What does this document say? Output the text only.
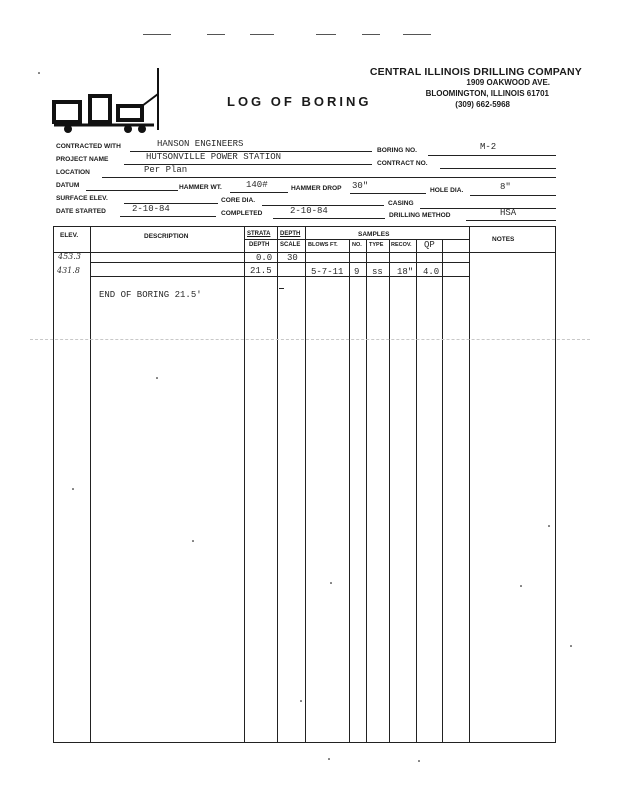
CENTRAL ILLINOIS DRILLING COMPANY
1909 OAKWOOD AVE.
BLOOMINGTON, ILLINOIS 61701
(309) 662-5968
LOG OF BORING
CONTRACTED WITH	HANSON ENGINEERS
BORING NO.	M-2
PROJECT NAME	HUTSONVILLE POWER STATION
CONTRACT NO.
LOCATION	Per Plan
DATUM	HAMMER WT.	140#	HAMMER DROP 30"	HOLE DIA.	8"
SURFACE ELEV.	CORE DIA.	CASING
DATE STARTED	2-10-84	COMPLETED	2-10-84	DRILLING METHOD	HSA
ELEV.	DESCRIPTION	STRATA
DEPTH
DEPTH
SCALE
SAMPLES
BLOWS FT.	NO. TYPE RECOV. QP
NOTES
453.3	0.0 30
431.8	21.5	5-7-11 9 ss 18" 4.0
END OF BORING 21.5'
